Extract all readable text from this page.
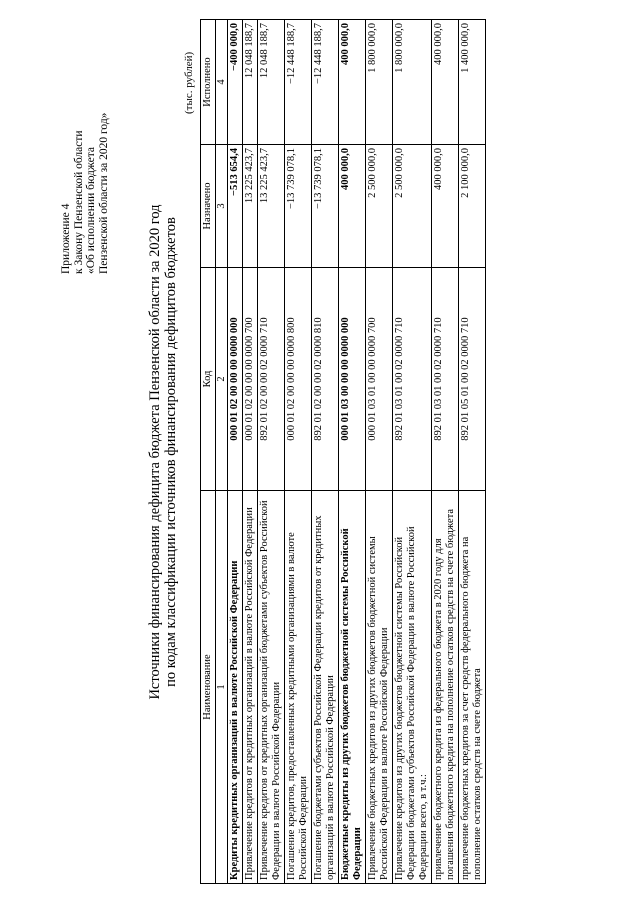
Приложение 4 к Закону Пензенской области «Об исполнении бюджета Пензенской области за 2020 год»
Источники финансирования дефицита бюджета Пензенской области за 2020 год по кодам классификации источников финансирования дефицитов бюджетов
(тыс. рублей)
Наименование	Код	Назначено	Исполнено
1	2	3	4
Кредиты кредитных организаций в валюте Российской Федерации	000 01 02 00 00 00 0000 000	−513 654,4	−400 000,0
Привлечение кредитов от кредитных организаций в валюте Российской Федерации	000 01 02 00 00 00 0000 700	13 225 423,7	12 048 188,7
Привлечение кредитов от кредитных организаций бюджетами субъектов Российской Федерации в валюте Российской Федерации	892 01 02 00 00 02 0000 710	13 225 423,7	12 048 188,7
Погашение кредитов, предоставленных кредитными организациями в валюте Российской Федерации	000 01 02 00 00 00 0000 800	−13 739 078,1	−12 448 188,7
Погашение бюджетами субъектов Российской Федерации кредитов от кредитных организаций в валюте Российской Федерации	892 01 02 00 00 02 0000 810	−13 739 078,1	−12 448 188,7
Бюджетные кредиты из других бюджетов бюджетной системы Российской Федерации	000 01 03 00 00 00 0000 000	400 000,0	400 000,0
Привлечение бюджетных кредитов из других бюджетов бюджетной системы Российской Федерации в валюте Российской Федерации	000 01 03 01 00 00 0000 700	2 500 000,0	1 800 000,0
Привлечение кредитов из других бюджетов бюджетной системы Российской Федерации бюджетами субъектов Российской Федерации в валюте Российской Федерации всего, в т.ч.:	892 01 03 01 00 02 0000 710	2 500 000,0	1 800 000,0
привлечение бюджетного кредита из федерального бюджета в 2020 году для погашения бюджетного кредита на пополнение остатков средств на счете бюджета	892 01 03 01 00 02 0000 710	400 000,0	400 000,0
привлечение бюджетных кредитов за счет средств федерального бюджета на пополнение остатков средств на счете бюджета	892 01 05 01 00 02 0000 710	2 100 000,0	1 400 000,0
